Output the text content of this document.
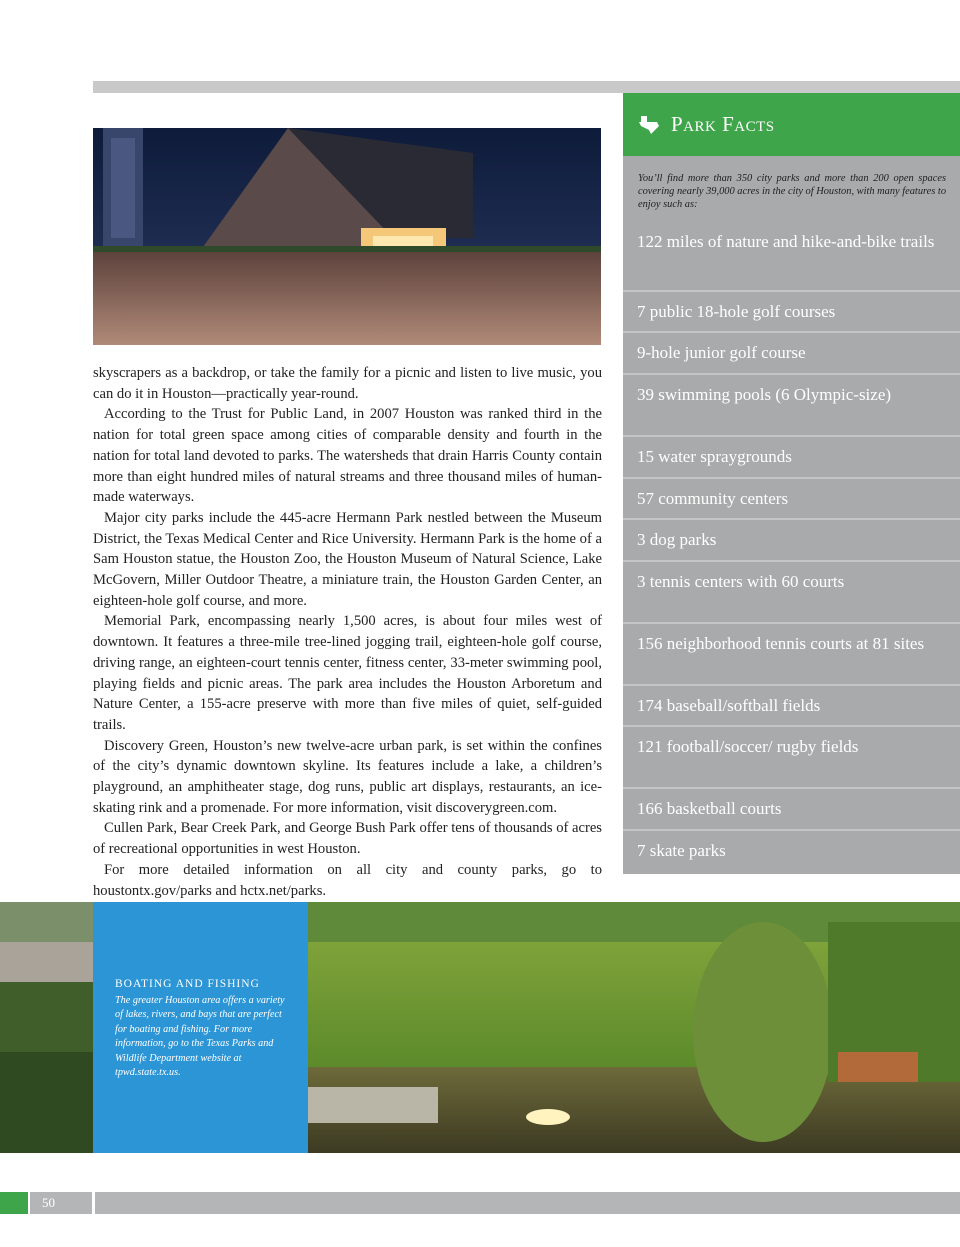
skyscrapers as a backdrop, or take the family for a picnic and listen to live music, you can do it in Houston—practically year-round.

According to the Trust for Public Land, in 2007 Houston was ranked third in the nation for total green space among cities of comparable density and fourth in the nation for total land devoted to parks. The watersheds that drain Harris County contain more than eight hundred miles of natural streams and three thousand miles of human-made waterways.

Major city parks include the 445-acre Hermann Park nestled between the Museum District, the Texas Medical Center and Rice University. Hermann Park is the home of a Sam Houston statue, the Houston Zoo, the Houston Museum of Natural Science, Lake McGovern, Miller Outdoor Theatre, a miniature train, the Houston Garden Center, an eighteen-hole golf course, and more.

Memorial Park, encompassing nearly 1,500 acres, is about four miles west of downtown. It features a three-mile tree-lined jogging trail, eighteen-hole golf course, driving range, an eighteen-court tennis center, fitness center, 33-meter swimming pool, playing fields and picnic areas. The park area includes the Houston Arboretum and Nature Center, a 155-acre preserve with more than five miles of quiet, self-guided trails.

Discovery Green, Houston’s new twelve-acre urban park, is set within the confines of the city’s dynamic downtown skyline. Its features include a lake, a children’s playground, an amphitheater stage, dog runs, public art displays, restaurants, an ice-skating rink and a promenade. For more information, visit discoverygreen.com.

Cullen Park, Bear Creek Park, and George Bush Park offer tens of thousands of acres of recreational opportunities in west Houston.

For more detailed information on all city and county parks, go to houstontx.gov/parks and hctx.net/parks.

Park Facts
You’ll find more than 350 city parks and more than 200 open spaces covering nearly 39,000 acres in the city of Houston, with many features to enjoy such as:
122 miles of nature and hike-and-bike trails
7 public 18-hole golf courses
9-hole junior golf course
39 swimming pools (6 Olympic-size)
15 water spraygrounds
57 community centers
3 dog parks
3 tennis centers with 60 courts
156 neighborhood tennis courts at 81 sites
174 baseball/softball fields
121 football/soccer/ rugby fields
166 basketball courts
7 skate parks
BOATING AND FISHING
The greater Houston area offers a variety of lakes, rivers, and bays that are perfect for boating and fishing. For more information, go to the Texas Parks and Wildlife Department website at tpwd.state.tx.us.
50
